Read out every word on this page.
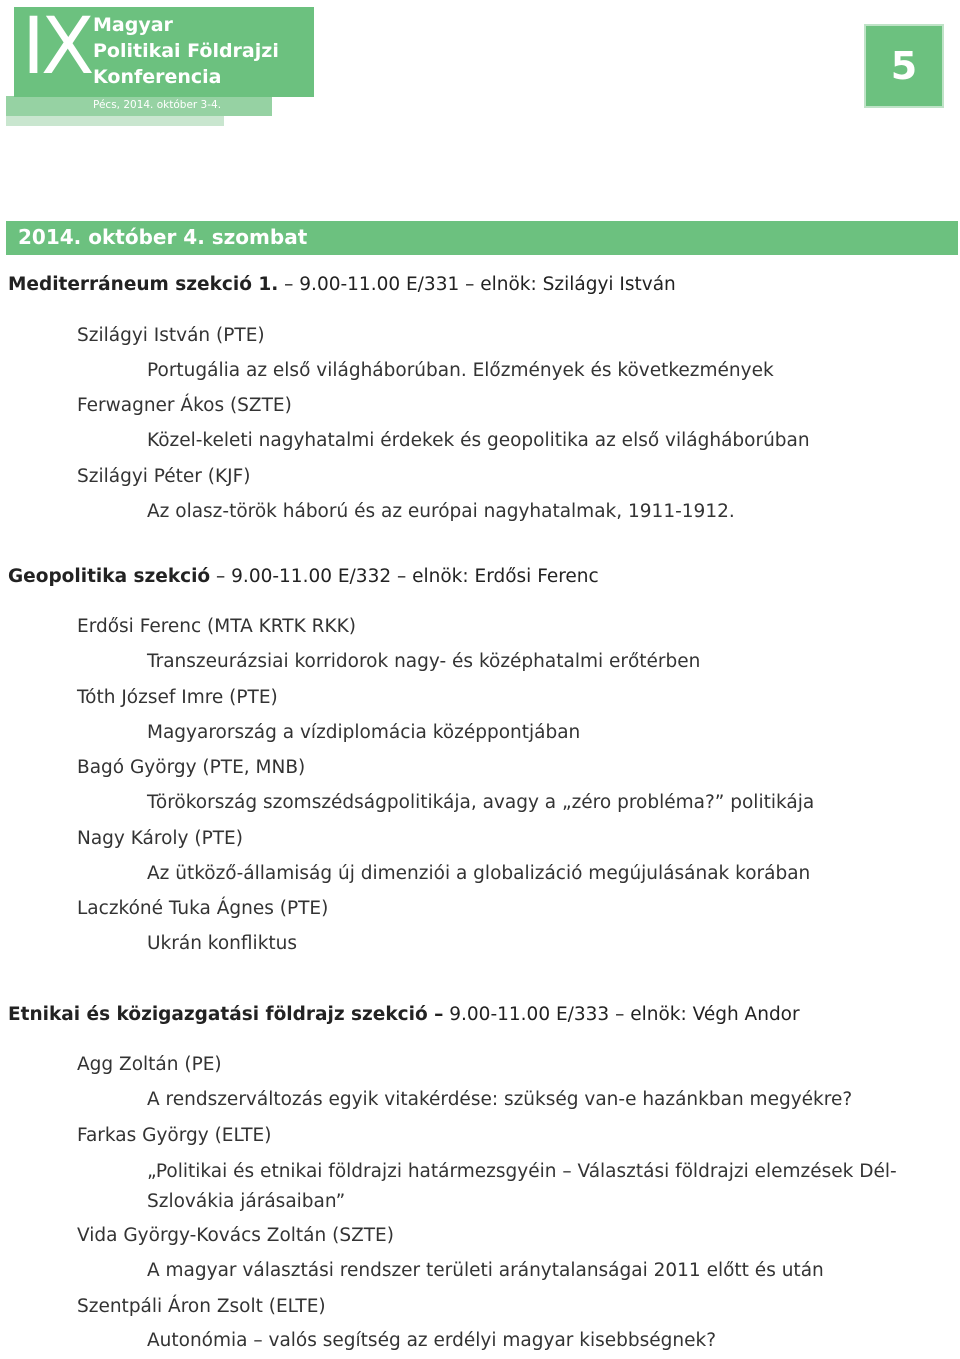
IX Magyar
Politikai Földrajzi
Konferencia
Pécs, 2014. október 3-4.
5
2014. október 4. szombat
Mediterráneum szekció 1. – 9.00-11.00 E/331 – elnök: Szilágyi István
Szilágyi István (PTE)
Portugália az első világháborúban. Előzmények és következmények
Ferwagner Ákos (SZTE)
Közel-keleti nagyhatalmi érdekek és geopolitika az első világháborúban
Szilágyi Péter (KJF)
Az olasz-török háború és az európai nagyhatalmak, 1911-1912.
Geopolitika szekció – 9.00-11.00 E/332 – elnök: Erdősi Ferenc
Erdősi Ferenc (MTA KRTK RKK)
Transzeurázsiai korridorok nagy- és középhatalmi erőtérben
Tóth József Imre (PTE)
Magyarország a vízdiplomácia középpontjában
Bagó György (PTE, MNB)
Törökország szomszédságpolitikája, avagy a „zéro probléma?” politikája
Nagy Károly (PTE)
Az ütköző-államiság új dimenziói a globalizáció megújulásának korában
Laczkóné Tuka Ágnes (PTE)
Ukrán konfliktus
Etnikai és közigazgatási földrajz szekció – 9.00-11.00 E/333 – elnök: Végh Andor
Agg Zoltán (PE)
A rendszerváltozás egyik vitakérdése: szükség van-e hazánkban megyékre?
Farkas György (ELTE)
„Politikai és etnikai földrajzi határmezsgyéin – Választási földrajzi elemzések Dél-Szlovákia járásaiban”
Vida György-Kovács Zoltán (SZTE)
A magyar választási rendszer területi aránytalanságai 2011 előtt és után
Szentpáli Áron Zsolt (ELTE)
Autonómia – valós segítség az erdélyi magyar kisebbségnek?
